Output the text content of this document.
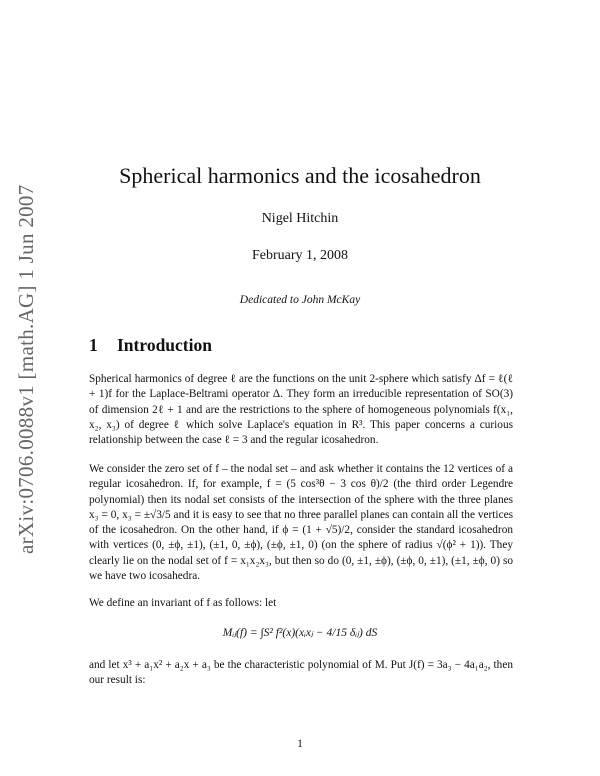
arXiv:0706.0088v1 [math.AG] 1 Jun 2007
Spherical harmonics and the icosahedron
Nigel Hitchin
February 1, 2008
Dedicated to John McKay
1 Introduction
Spherical harmonics of degree ℓ are the functions on the unit 2-sphere which satisfy Δf = ℓ(ℓ + 1)f for the Laplace-Beltrami operator Δ. They form an irreducible representation of SO(3) of dimension 2ℓ + 1 and are the restrictions to the sphere of homogeneous polynomials f(x₁, x₂, x₃) of degree ℓ which solve Laplace's equation in R³. This paper concerns a curious relationship between the case ℓ = 3 and the regular icosahedron.
We consider the zero set of f – the nodal set – and ask whether it contains the 12 vertices of a regular icosahedron. If, for example, f = (5 cos³θ − 3 cos θ)/2 (the third order Legendre polynomial) then its nodal set consists of the intersection of the sphere with the three planes x₃ = 0, x₃ = ±√3/5 and it is easy to see that no three parallel planes can contain all the vertices of the icosahedron. On the other hand, if ϕ = (1 + √5)/2, consider the standard icosahedron with vertices (0, ±ϕ, ±1), (±1, 0, ±ϕ), (±ϕ, ±1, 0) (on the sphere of radius √(ϕ² + 1)). They clearly lie on the nodal set of f = x₁x₂x₃, but then so do (0, ±1, ±ϕ), (±ϕ, 0, ±1), (±1, ±ϕ, 0) so we have two icosahedra.
We define an invariant of f as follows: let
Mᵢⱼ(f) = ∫S² f²(x)(xᵢxⱼ − 4/15 δᵢⱼ) dS
and let x³ + a₁x² + a₂x + a₃ be the characteristic polynomial of M. Put J(f) = 3a₃ − 4a₁a₂, then our result is:
1
